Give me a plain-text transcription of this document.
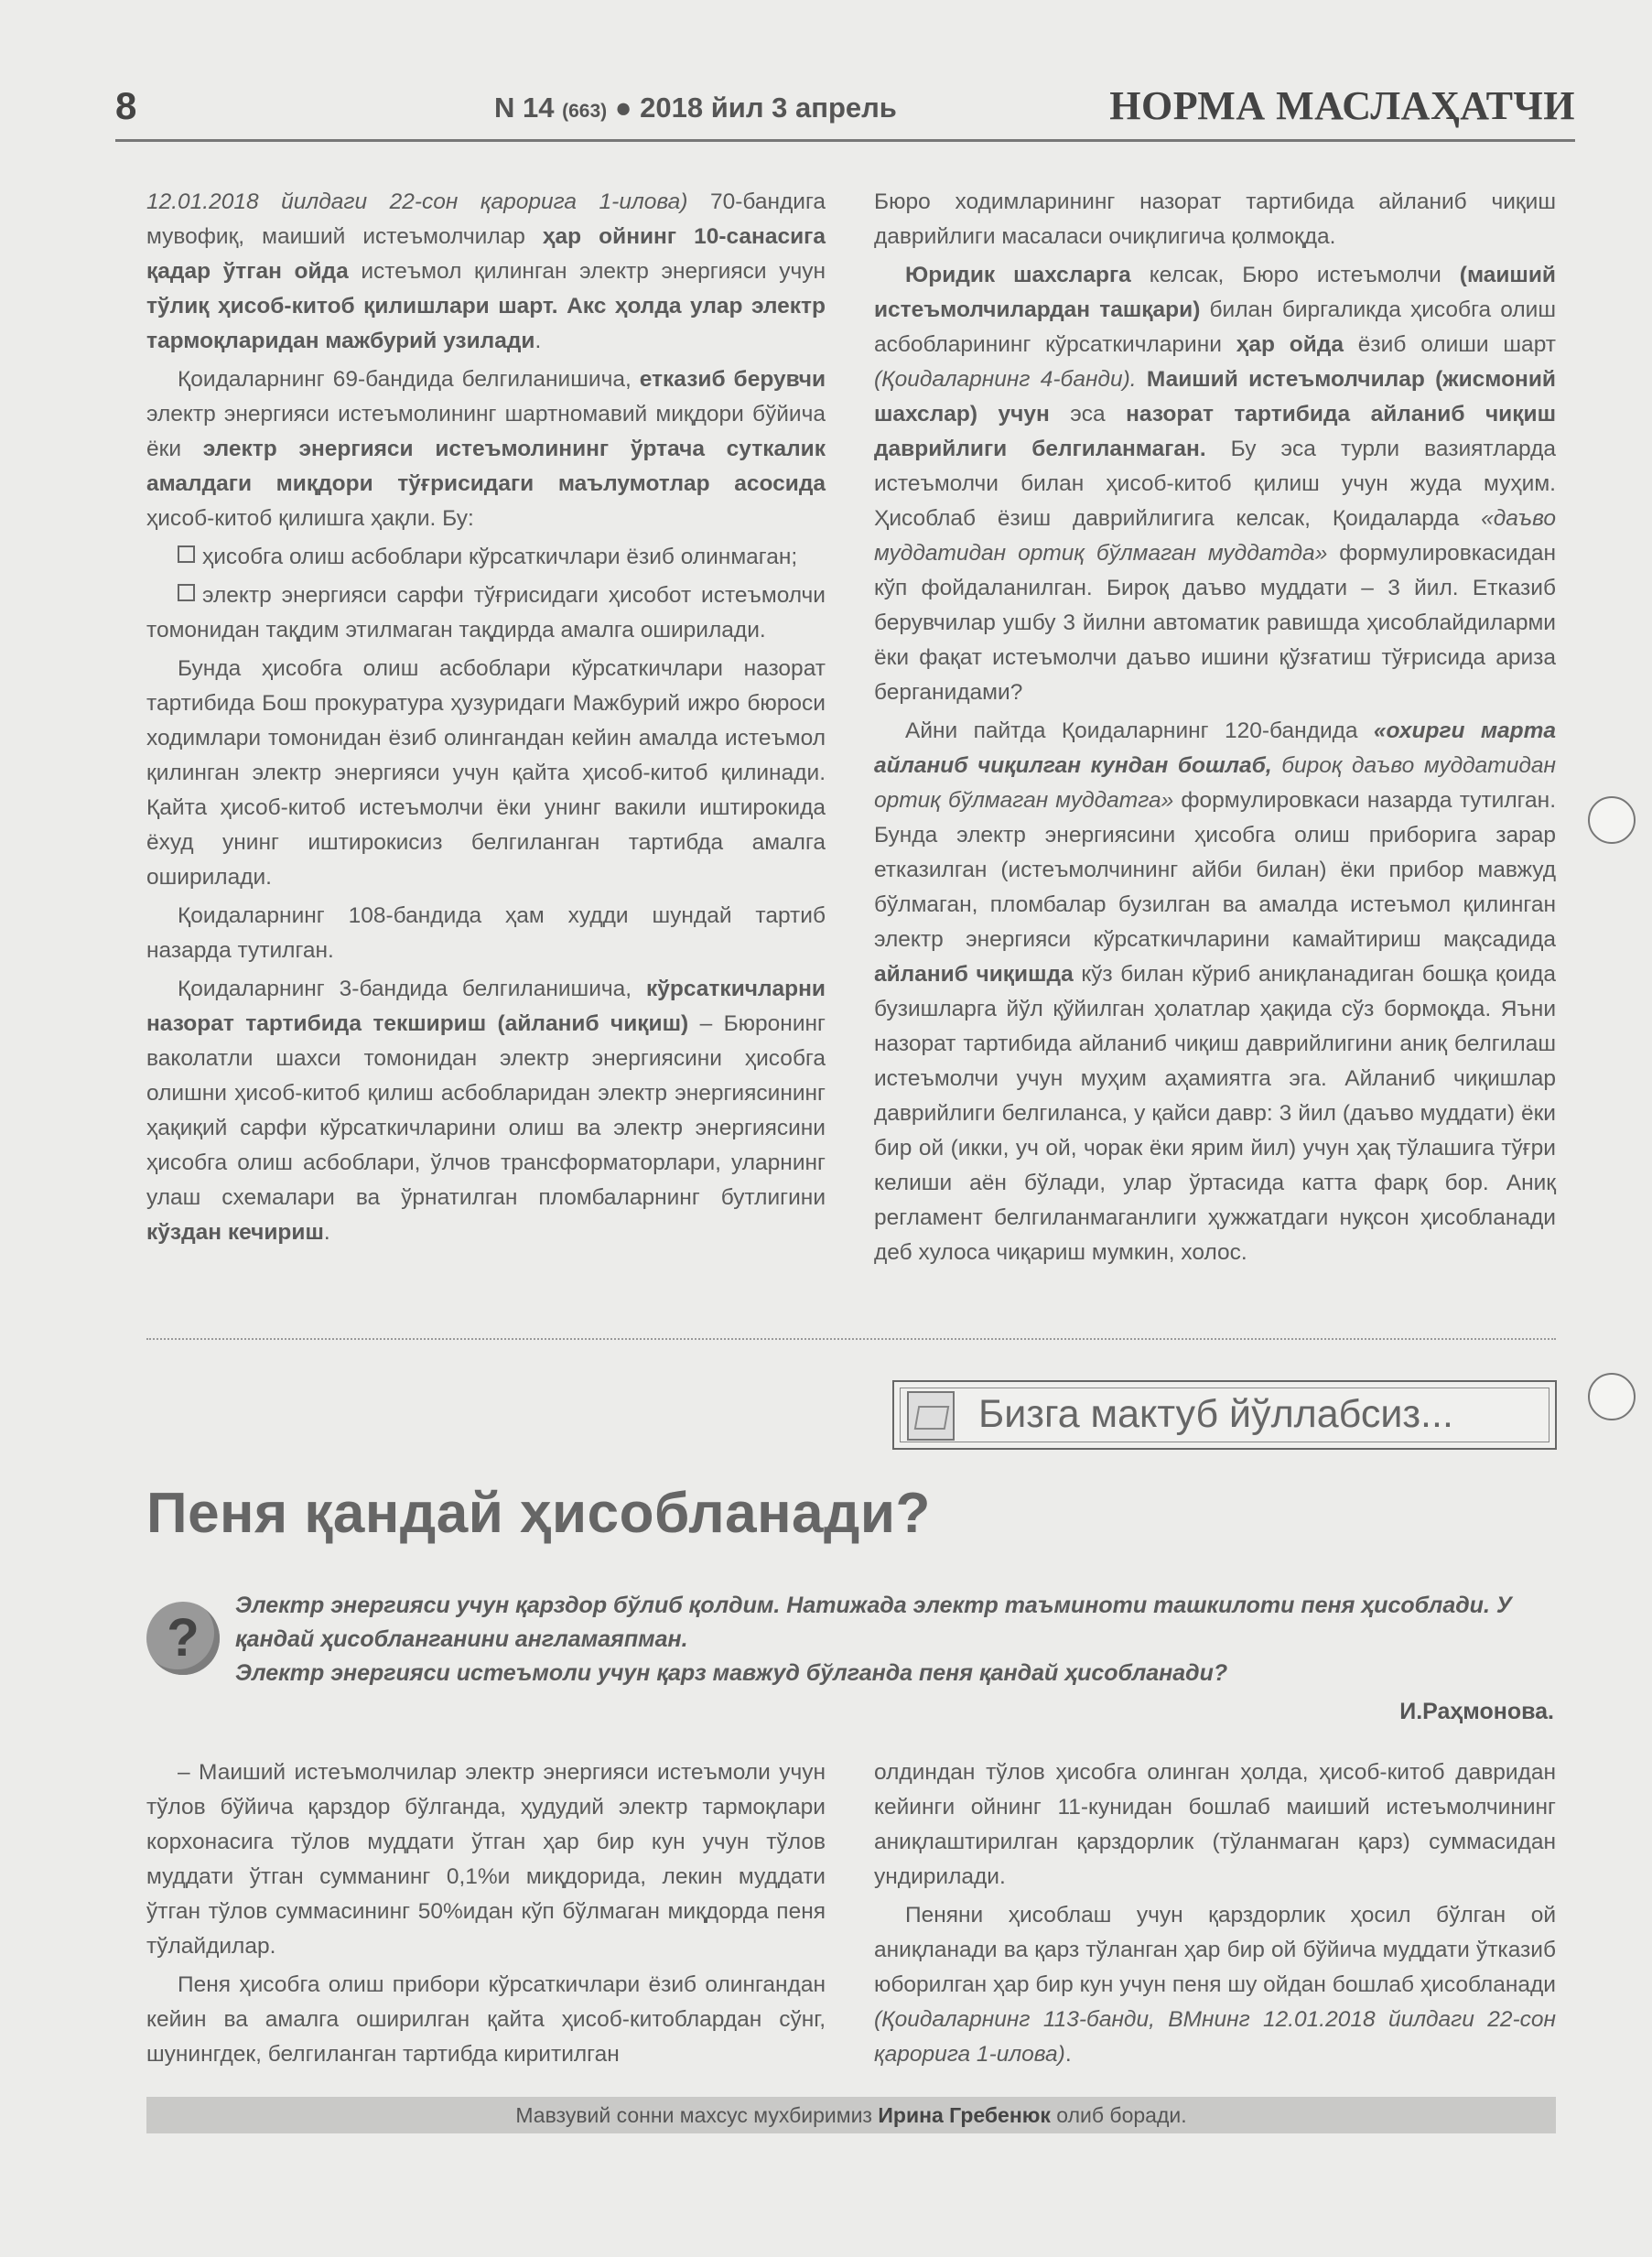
8	N 14 (663) ● 2018 йил 3 апрель	НОРМА МАСЛАҲАТЧИ

12.01.2018 йилдаги 22-сон қарорига 1-илова) 70-бандига мувофиқ, маиший истеъмолчилар ҳар ойнинг 10-санасига қадар ўтган ойда истеъмол қилинган электр энергияси учун тўлиқ ҳисоб-китоб қилишлари шарт. Акс ҳолда улар электр тармоқларидан мажбурий узилади.

Қоидаларнинг 69-бандида белгиланишича, етказиб берувчи электр энергияси истеъмолининг шартномавий миқдори бўйича ёки электр энергияси истеъмолининг ўртача суткалик амалдаги миқдори тўғрисидаги маълумотлар асосида ҳисоб-китоб қилишга ҳақли. Бу:

ҳисобга олиш асбоблари кўрсаткичлари ёзиб олинмаган;

электр энергияси сарфи тўғрисидаги ҳисобот истеъмолчи томонидан тақдим этилмаган тақдирда амалга оширилади.

Бунда ҳисобга олиш асбоблари кўрсаткичлари назорат тартибида Бош прокуратура ҳузуридаги Мажбурий ижро бюроси ходимлари томонидан ёзиб олингандан кейин амалда истеъмол қилинган электр энергияси учун қайта ҳисоб-китоб қилинади. Қайта ҳисоб-китоб истеъмолчи ёки унинг вакили иштирокида ёхуд унинг иштирокисиз белгиланган тартибда амалга оширилади.

Қоидаларнинг 108-бандида ҳам худди шундай тартиб назарда тутилган.

Қоидаларнинг 3-бандида белгиланишича, кўрсаткичларни назорат тартибида текшириш (айланиб чиқиш) – Бюронинг ваколатли шахси томонидан электр энергиясини ҳисобга олишни ҳисоб-китоб қилиш асбобларидан электр энергиясининг ҳақиқий сарфи кўрсаткичларини олиш ва электр энергиясини ҳисобга олиш асбоблари, ўлчов трансформаторлари, уларнинг улаш схемалари ва ўрнатилган пломбаларнинг бутлигини кўздан кечириш.

Бюро ходимларининг назорат тартибида айланиб чиқиш даврийлиги масаласи очиқлигича қолмоқда.

Юридик шахсларга келсак, Бюро истеъмолчи (маиший истеъмолчилардан ташқари) билан биргаликда ҳисобга олиш асбобларининг кўрсаткичларини ҳар ойда ёзиб олиши шарт (Қоидаларнинг 4-банди). Маиший истеъмолчилар (жисмоний шахслар) учун эса назорат тартибида айланиб чиқиш даврийлиги белгиланмаган. Бу эса турли вазиятларда истеъмолчи билан ҳисоб-китоб қилиш учун жуда муҳим. Ҳисоблаб ёзиш даврийлигига келсак, Қоидаларда «даъво муддатидан ортиқ бўлмаган муддатда» формулировкасидан кўп фойдаланилган. Бироқ даъво муддати – 3 йил. Етказиб берувчилар ушбу 3 йилни автоматик равишда ҳисоблайдиларми ёки фақат истеъмолчи даъво ишини қўзғатиш тўғрисида ариза берганидами?

Айни пайтда Қоидаларнинг 120-бандида «охирги марта айланиб чиқилган кундан бошлаб, бироқ даъво муддатидан ортиқ бўлмаган муддатга» формулировкаси назарда тутилган. Бунда электр энергиясини ҳисобга олиш приборига зарар етказилган (истеъмолчининг айби билан) ёки прибор мавжуд бўлмаган, пломбалар бузилган ва амалда истеъмол қилинган электр энергияси кўрсаткичларини камайтириш мақсадида айланиб чиқишда кўз билан кўриб аниқланадиган бошқа қоида бузишларга йўл қўйилган ҳолатлар ҳақида сўз бормоқда. Яъни назорат тартибида айланиб чиқиш даврийлигини аниқ белгилаш истеъмолчи учун муҳим аҳамиятга эга. Айланиб чиқишлар даврийлиги белгиланса, у қайси давр: 3 йил (даъво муддати) ёки бир ой (икки, уч ой, чорак ёки ярим йил) учун ҳақ тўлашига тўғри келиши аён бўлади, улар ўртасида катта фарқ бор. Аниқ регламент белгиланмаганлиги ҳужжатдаги нуқсон ҳисобланади деб хулоса чиқариш мумкин, холос.

Бизга мактуб йўллабсиз...
Пеня қандай ҳисобланади?
?

Электр энергияси учун қарздор бўлиб қолдим. Натижада электр таъминоти ташкилоти пеня ҳисоблади. У қандай ҳисобланганини англамаяпман.

Электр энергияси истеъмоли учун қарз мавжуд бўлганда пеня қандай ҳисобланади?

И.Раҳмонова.

– Маиший истеъмолчилар электр энергияси истеъмоли учун тўлов бўйича қарздор бўлганда, ҳудудий электр тармоқлари корхонасига тўлов муддати ўтган ҳар бир кун учун тўлов муддати ўтган сумманинг 0,1%и миқдорида, лекин муддати ўтган тўлов суммасининг 50%идан кўп бўлмаган миқдорда пеня тўлайдилар.

Пеня ҳисобга олиш прибори кўрсаткичлари ёзиб олингандан кейин ва амалга оширилган қайта ҳисоб-китоблардан сўнг, шунингдек, белгиланган тартибда киритилган

олдиндан тўлов ҳисобга олинган ҳолда, ҳисоб-китоб давридан кейинги ойнинг 11-кунидан бошлаб маиший истеъмолчининг аниқлаштирилган қарздорлик (тўланмаган қарз) суммасидан ундирилади.

Пеняни ҳисоблаш учун қарздорлик ҳосил бўлган ой аниқланади ва қарз тўланган ҳар бир ой бўйича муддати ўтказиб юборилган ҳар бир кун учун пеня шу ойдан бошлаб ҳисобланади (Қоидаларнинг 113-банди, ВМнинг 12.01.2018 йилдаги 22-сон қарорига 1-илова).

Мавзувий сонни махсус мухбиримиз Ирина Гребенюк олиб боради.
